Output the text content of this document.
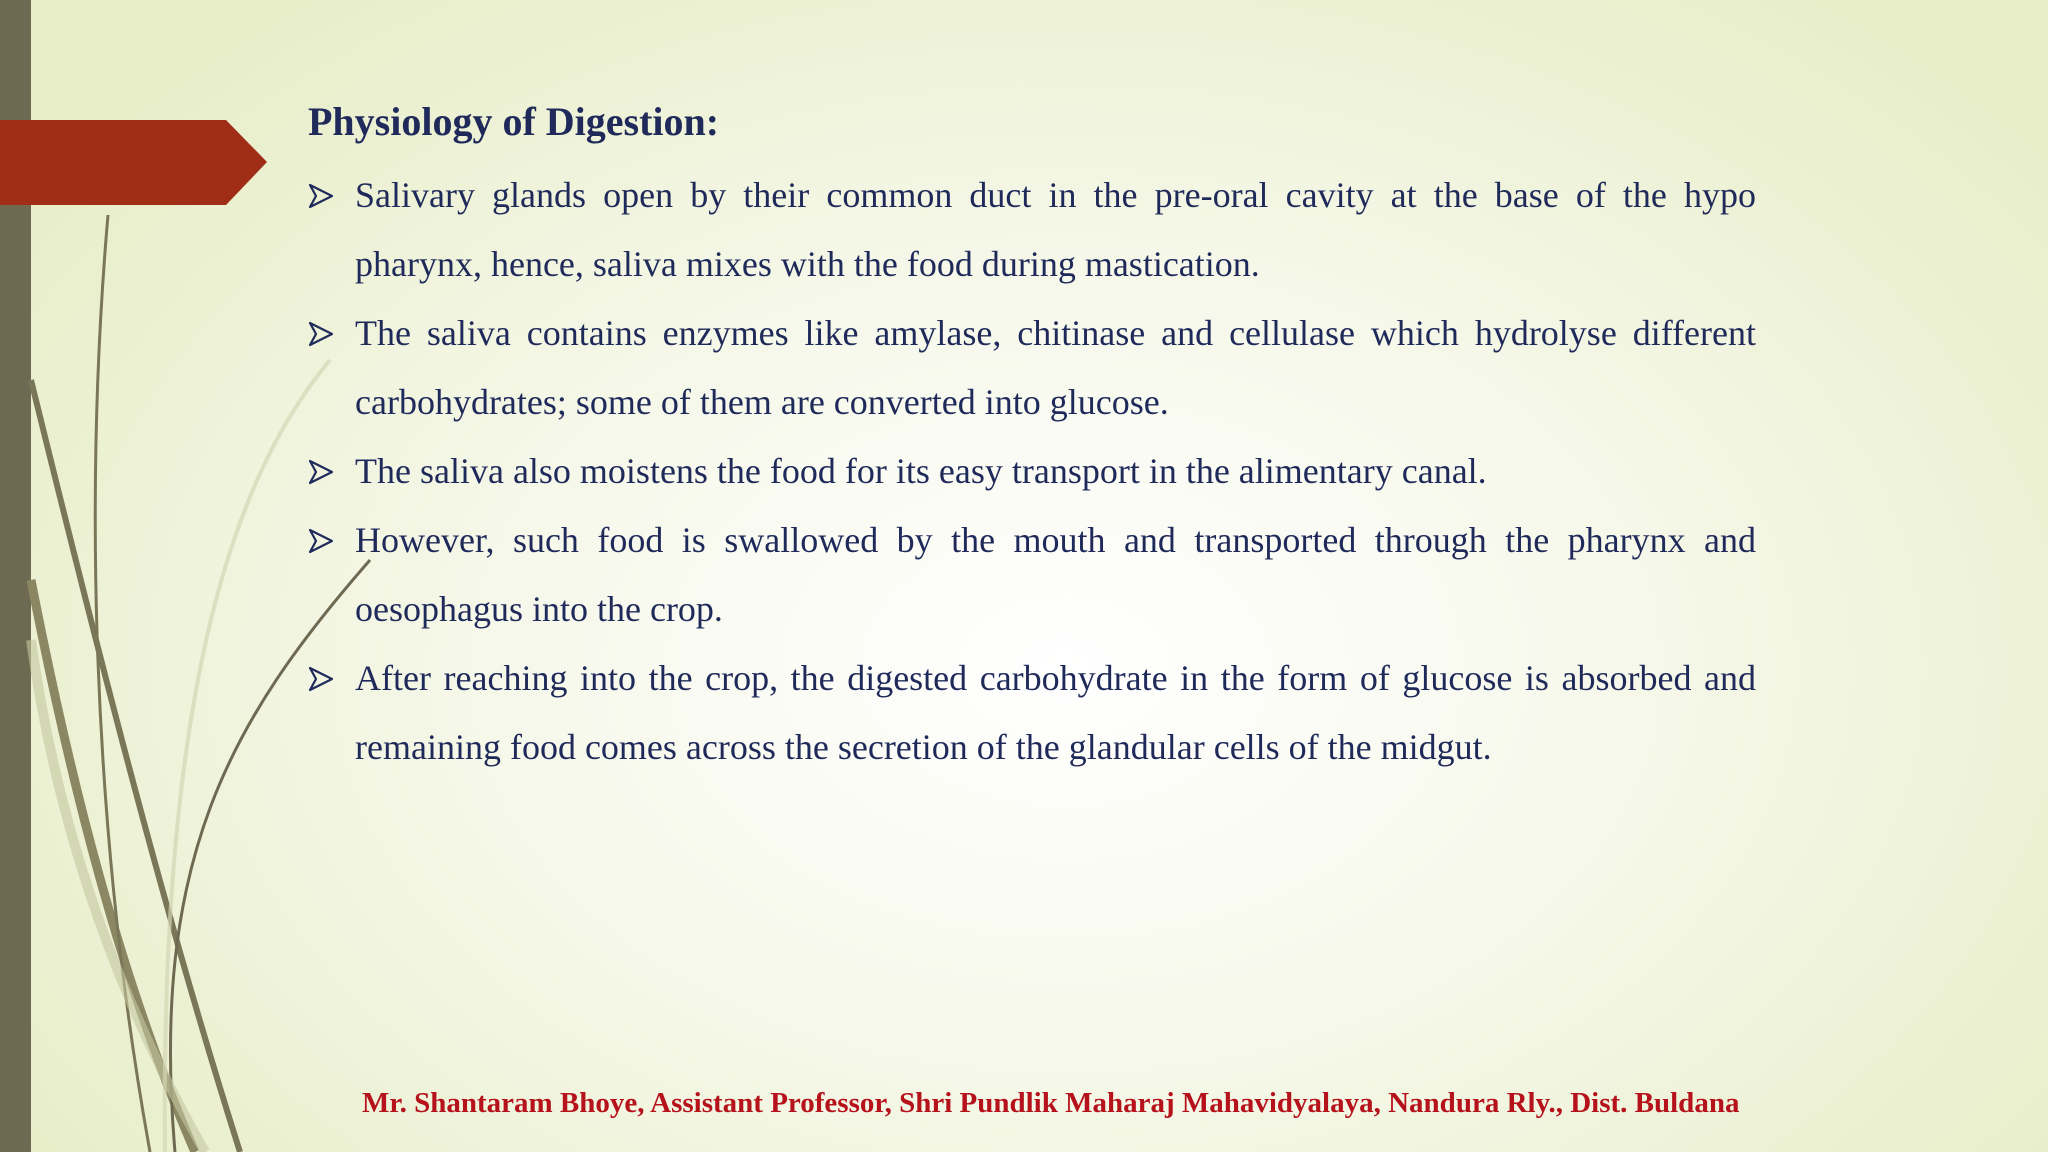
Physiology of Digestion:
Salivary glands open by their common duct in the pre-oral cavity at the base of the hypo pharynx, hence, saliva mixes with the food during mastication.
The saliva contains enzymes like amylase, chitinase and cellulase which hydrolyse different carbohydrates; some of them are converted into glucose.
The saliva also moistens the food for its easy transport in the alimentary canal.
However, such food is swallowed by the mouth and transported through the pharynx and oesophagus into the crop.
After reaching into the crop, the digested carbohydrate in the form of glucose is absorbed and remaining food comes across the secretion of the glandular cells of the midgut.

Mr. Shantaram Bhoye, Assistant Professor, Shri Pundlik Maharaj Mahavidyalaya, Nandura Rly., Dist. Buldana
